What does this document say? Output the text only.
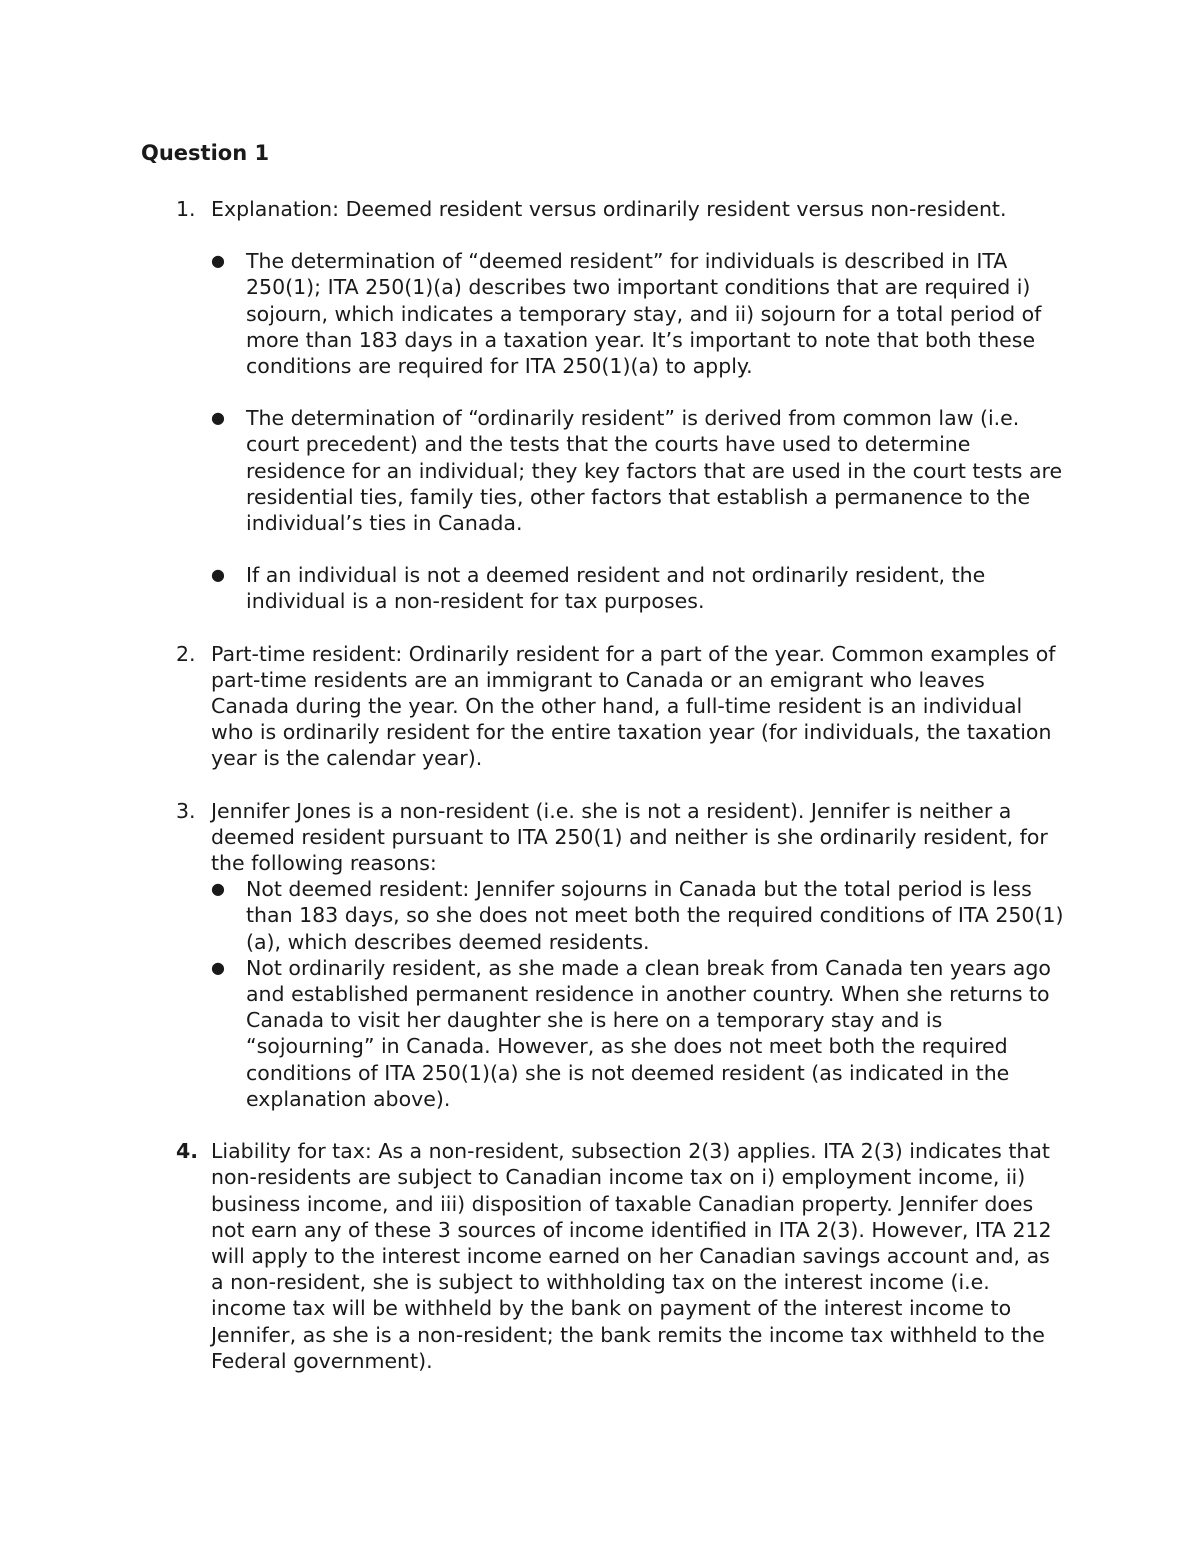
Question 1
1. Explanation: Deemed resident versus ordinarily resident versus non-resident.

● The determination of “deemed resident” for individuals is described in ITA 250(1); ITA 250(1)(a) describes two important conditions that are required i) sojourn, which indicates a temporary stay, and ii) sojourn for a total period of more than 183 days in a taxation year. It’s important to note that both these conditions are required for ITA 250(1)(a) to apply.
● The determination of “ordinarily resident” is derived from common law (i.e. court precedent) and the tests that the courts have used to determine residence for an individual; they key factors that are used in the court tests are residential ties, family ties, other factors that establish a permanence to the individual’s ties in Canada.
● If an individual is not a deemed resident and not ordinarily resident, the individual is a non-resident for tax purposes.
2. Part-time resident: Ordinarily resident for a part of the year. Common examples of part-time residents are an immigrant to Canada or an emigrant who leaves Canada during the year. On the other hand, a full-time resident is an individual who is ordinarily resident for the entire taxation year (for individuals, the taxation year is the calendar year).

3. Jennifer Jones is a non-resident (i.e. she is not a resident). Jennifer is neither a deemed resident pursuant to ITA 250(1) and neither is she ordinarily resident, for the following reasons:

● Not deemed resident: Jennifer sojourns in Canada but the total period is less than 183 days, so she does not meet both the required conditions of ITA 250(1)(a), which describes deemed residents.
● Not ordinarily resident, as she made a clean break from Canada ten years ago and established permanent residence in another country. When she returns to Canada to visit her daughter she is here on a temporary stay and is “sojourning” in Canada. However, as she does not meet both the required conditions of ITA 250(1)(a) she is not deemed resident (as indicated in the explanation above).
4. Liability for tax: As a non-resident, subsection 2(3) applies. ITA 2(3) indicates that non-residents are subject to Canadian income tax on i) employment income, ii) business income, and iii) disposition of taxable Canadian property. Jennifer does not earn any of these 3 sources of income identified in ITA 2(3). However, ITA 212 will apply to the interest income earned on her Canadian savings account and, as a non-resident, she is subject to withholding tax on the interest income (i.e. income tax will be withheld by the bank on payment of the interest income to Jennifer, as she is a non-resident; the bank remits the income tax withheld to the Federal government).
